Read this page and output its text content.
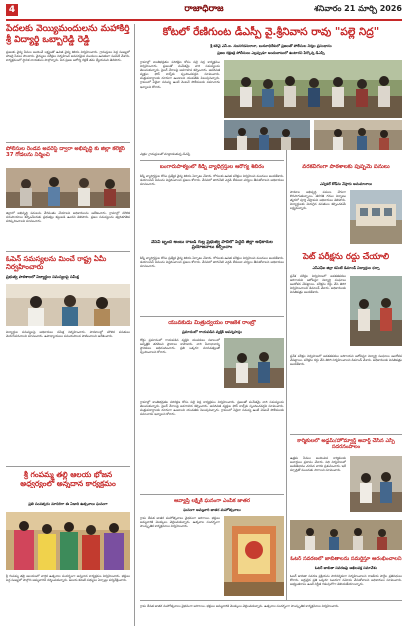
4	రాజాధిరాజ	శనివారం 21 మార్చి 2026
పేదలకు వెయ్యిమందులను మహాకీర్తి శ్రీ విద్యార్థి ఒబ్బారెడ్డి రెడ్డి
ప్రజలకు వైద్య సేవలు అందించే లక్ష్యంతో ఉచిత వైద్య శిబిరం నిర్వహించారు. గ్రామస్తులు పెద్ద సంఖ్యలో హాజరై సేవలు పొందారు. వైద్యులు పరీక్షలు నిర్వహించి అవసరమైన మందులు ఉచితంగా పంపిణీ చేశారు. కార్యక్రమంలో స్థానిక నాయకులు పాల్గొన్నారు. పేద ప్రజల ఆరోగ్య రక్షణే తమ ధ్యేయమని తెలిపారు.
పోలీసుల రెండవ అవరెస్ట్ ద్వారా అభివృద్ధి కు జిల్లా కలెక్టర్ 37 గోడలను నిర్మించి
జిల్లాలో అభివృద్ధి పనులను వేగవంతం చేయాలని అధికారులను ఆదేశించారు. గ్రామాల్లో మౌలిక సదుపాయాలు కల్పించేందుకు ప్రభుత్వం కట్టుబడి ఉందని తెలిపారు. ప్రజల సమస్యలను త్వరితగతిన పరిష్కరించాలని సూచించారు.
ఓపెన్ సమస్యలను మించే రాష్ట్ర ఏమీ నిర్వహించారు
ప్రభుత్వ పాఠశాలలో విద్యార్థుల సమస్యలపై సమీక్ష
విద్యార్థుల సమస్యలపై అధికారులు సమీక్ష నిర్వహించారు. పాఠశాలల్లో మౌలిక వసతులు మెరుగుపరచాలని సూచించారు. ఉపాధ్యాయులు సమయపాలన పాటించాలని ఆదేశించారు.
శ్రీ గంపమ్మ తల్లి ఆలయ భోజన అధ్వర్యంలో అన్నదాన కార్యక్రమం
ప్రతి సంవత్సరం మాదిరిగా ఈ ఏడాది ఉత్సవాలు ఘనంగా
శ్రీ గంపమ్మ తల్లి ఆలయంలో వార్షిక ఉత్సవాల సందర్భంగా అన్నదాన కార్యక్రమం నిర్వహించారు. భక్తులు పెద్ద సంఖ్యలో పాల్గొని అమ్మవారిని దర్శించుకున్నారు. ఆలయ కమిటీ సభ్యులు ఏర్పాట్లు పర్యవేక్షించారు.
కోటలో రేణిగుంట డీఎస్పీ వై.శ్రీనివాస రావు "పల్లె నిద్ర"
శ్రీ కలివై ఎస్.ఐ. నుఃనగదసురానా, బుశనాధిరేకులో ప్రజలతో పోలీసుల నిర్మల ప్రసంధానం
ప్రజల రక్షణకై పోలీసులు ఎల్లప్పుడూ అందుబాటులో ఉంటారని పేర్కొన్న డీఎస్పీ
గ్రామాల్లో శాంతిభద్రతల పరిరక్షణ కోసం పల్లె నిద్ర కార్యక్రమం నిర్వహించారు. ప్రజలతో మమేకమై వారి సమస్యలను తెలుసుకున్నారు. సైబర్ నేరాలపై అవగాహన కల్పించారు. అపరిచిత వ్యక్తుల ఫోన్ కాల్స్‌కు స్పందించవద్దని సూచించారు. మత్తుపదార్థాలకు దూరంగా ఉండాలని యువతకు పిలుపునిచ్చారు. గ్రామంలో ఏదైనా సమస్య ఉంటే వెంటనే పోలీసులకు సమాచారం ఇవ్వాలని కోరారు.
చిత్రం: గ్రామస్తులతో మాట్లాడుతున్న డీఎస్పీ
బంగారుపాళ్యంలో కిడ్ని వ్యాధిగ్రస్తుల ఆరోగ్య శిబిరం
కిడ్నీ వ్యాధిగ్రస్తుల కోసం ప్రత్యేక వైద్య శిబిరం ఏర్పాటు చేశారు. రోగులకు ఉచిత పరీక్షలు నిర్వహించి మందులు అందజేశారు. డయాలసిస్ సేవలను విస్తరించాలని ప్రజలు కోరారు. వేసవిలో తాగునీటి ఎద్దడి లేకుండా చర్యలు తీసుకోవాలని అధికారులు సూచించారు.
వేసవి బృంద అంబు రాబడి గుల్ల ప్రభుత్వ పాదిలో పెద్దది జిల్లా అధికారుల ప్రయోజనాలు కల్పించాం
కిడ్నీ వ్యాధిగ్రస్తుల కోసం ప్రత్యేక వైద్య శిబిరం ఏర్పాటు చేశారు. రోగులకు ఉచిత పరీక్షలు నిర్వహించి మందులు అందజేశారు. డయాలసిస్ సేవలను విస్తరించాలని ప్రజలు కోరారు. వేసవిలో తాగునీటి ఎద్దడి లేకుండా చర్యలు తీసుకోవాలని అధికారులు సూచించారు.
యువకుడు మిత్రుద్వయం రాజకేశ రాంబ్రో
ప్రమాదంలో గాయపడిన వ్యక్తికి ఆపన్నహస్తం
రోడ్డు ప్రమాదంలో గాయపడిన వ్యక్తిని యువకులు సకాలంలో ఆస్పత్రికి తరలించి ప్రాణాలు కాపాడారు. వారి సేవాభావాన్ని స్థానికులు అభినందించారు. ప్రతి ఒక్కరూ మానవత్వంతో స్పందించాలని కోరారు.
గ్రామాల్లో శాంతిభద్రతల పరిరక్షణ కోసం పల్లె నిద్ర కార్యక్రమం నిర్వహించారు. ప్రజలతో మమేకమై వారి సమస్యలను తెలుసుకున్నారు. సైబర్ నేరాలపై అవగాహన కల్పించారు. అపరిచిత వ్యక్తుల ఫోన్ కాల్స్‌కు స్పందించవద్దని సూచించారు. మత్తుపదార్థాలకు దూరంగా ఉండాలని యువతకు పిలుపునిచ్చారు. గ్రామంలో ఏదైనా సమస్య ఉంటే వెంటనే పోలీసులకు సమాచారం ఇవ్వాలని కోరారు.
ఆవ్యాప్తి లక్ష్మికి ఘనంగా ఎంపిక జాతర
ఘనంగా అమ్మవారి జాతర మహోత్సవాలు
గ్రామ దేవత జాతర మహోత్సవాలు వైభవంగా జరిగాయి. భక్తులు అమ్మవారికి మొక్కులు చెల్లించుకున్నారు. ఉత్సవాల సందర్భంగా సాంస్కృతిక కార్యక్రమాలు నిర్వహించారు.
వరకవిగంగా పాఠశాలకు పుష్పమే పనులు
ఎన్నికల్ కోడ్‌ను వేస్తారు అనుమానాలు
పాఠశాల అభివృద్ధి పనులు వేగంగా కొనసాగుతున్నాయి. తరగతి గదుల నిర్మాణం త్వరలో పూర్తి చేస్తామని అధికారులు తెలిపారు. విద్యార్థులకు మెరుగైన వసతులు కల్పించడమే లక్ష్యమన్నారు.
పెట్ పరీక్షను రద్దు చేయాలి
ఎస్ఎఫ్ఐ జిల్లా కమిటీ డిమాండ్ విద్యార్థుల ధర్నా
ప్రవేశ పరీక్షల నిర్వహణలో అవకతవకలు జరిగాయని ఆరోపిస్తూ విద్యార్థి సంఘాలు ఆందోళన చేపట్టాయి. పరీక్షను రద్దు చేసి తిరిగి నిర్వహించాలని డిమాండ్ చేశారు. అధికారులకు వినతిపత్రం అందజేశారు.
ప్రవేశ పరీక్షల నిర్వహణలో అవకతవకలు జరిగాయని ఆరోపిస్తూ విద్యార్థి సంఘాలు ఆందోళన చేపట్టాయి. పరీక్షను రద్దు చేసి తిరిగి నిర్వహించాలని డిమాండ్ చేశారు. అధికారులకు వినతిపత్రం అందజేశారు.
కార్మికులలో అడ్డమ్/హోమ్వార్డ్ అవార్డ్ చేసిన ఎస్పీ సదరనంపాలం
ఉత్తమ సేవలు అందించిన కార్మికులకు అవార్డులు ప్రదానం చేశారు. విధి నిర్వహణలో అంకితభావం చూపిన వారిని ప్రశంసించారు. ఇదే స్ఫూర్తితో ముందుకు సాగాలని సూచించారు.
ఓటర్ సవరణలో జాబితాలను సమర్థిస్తూ ఆరంభించాలని
ఓటర్ జాబితా సవరణపై అఖిలపక్ష సమావేశం
ఓటర్ జాబితా సవరణ ప్రక్రియను పారదర్శకంగా నిర్వహించాలని రాజకీయ పార్టీల ప్రతినిధులు కోరారు. అర్హులైన ప్రతి ఒక్కరూ ఓటరుగా నమోదు చేసుకోవాలని అధికారులు సూచించారు. అభ్యంతరాలు ఉంటే నిర్ణీత గడువులోగా తెలియజేయాలన్నారు.
గ్రామ దేవత జాతర మహోత్సవాలు వైభవంగా జరిగాయి. భక్తులు అమ్మవారికి మొక్కులు చెల్లించుకున్నారు. ఉత్సవాల సందర్భంగా సాంస్కృతిక కార్యక్రమాలు నిర్వహించారు.
